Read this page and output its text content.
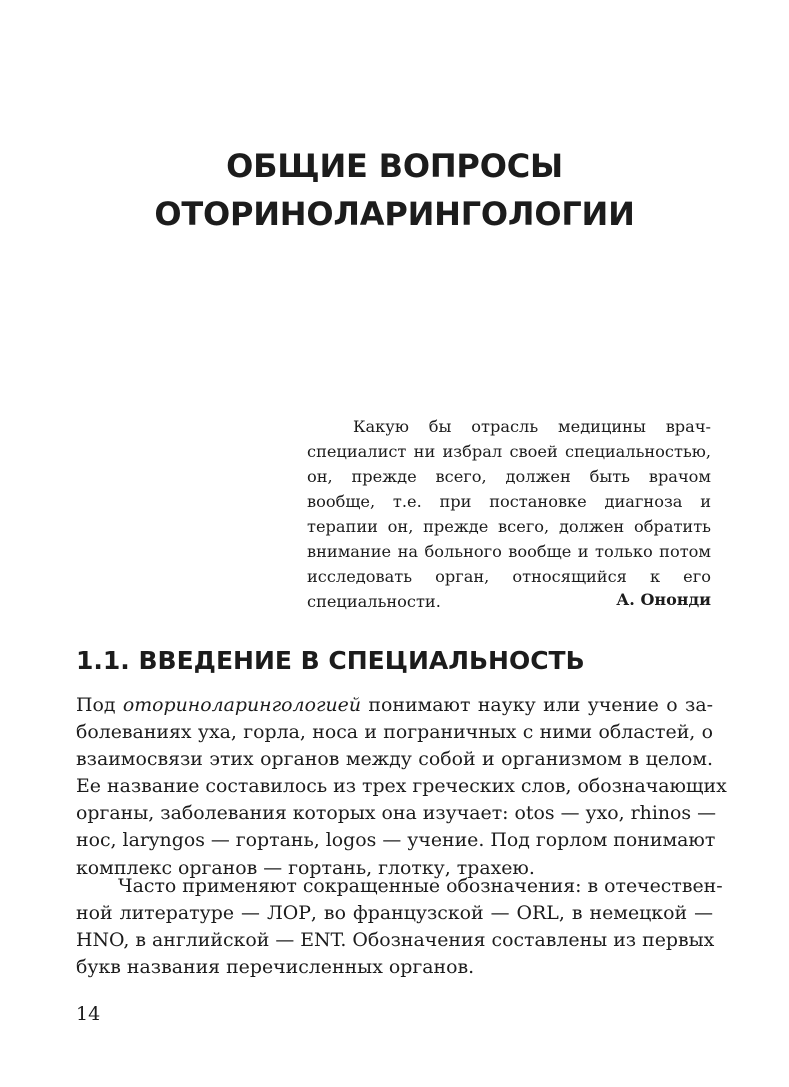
ОБЩИЕ ВОПРОСЫ
ОТОРИНОЛАРИНГОЛОГИИ

Какую бы отрасль медицины врач-специалист ни избрал своей специальностью, он, прежде всего, должен быть врачом вообще, т.е. при постановке диагноза и терапии он, прежде всего, должен обратить внимание на больного вообще и только потом исследовать орган, относящийся к его специальности.	А. Ононди
1.1. ВВЕДЕНИЕ В СПЕЦИАЛЬНОСТЬ

Под оториноларингологией понимают науку или учение о за-
болеваниях уха, горла, носа и пограничных с ними областей, о
взаимосвязи этих органов между собой и организмом в целом.
Ее название составилось из трех греческих слов, обозначающих
органы, заболевания которых она изучает: otos — ухо, rhinos —
нос, laryngos — гортань, logos — учение. Под горлом понимают
комплекс органов — гортань, глотку, трахею.

Часто применяют сокращенные обозначения: в отечествен-
ной литературе — ЛОР, во французской — ORL, в немецкой —
HNO, в английской — ENT. Обозначения составлены из первых
букв названия перечисленных органов.

14
